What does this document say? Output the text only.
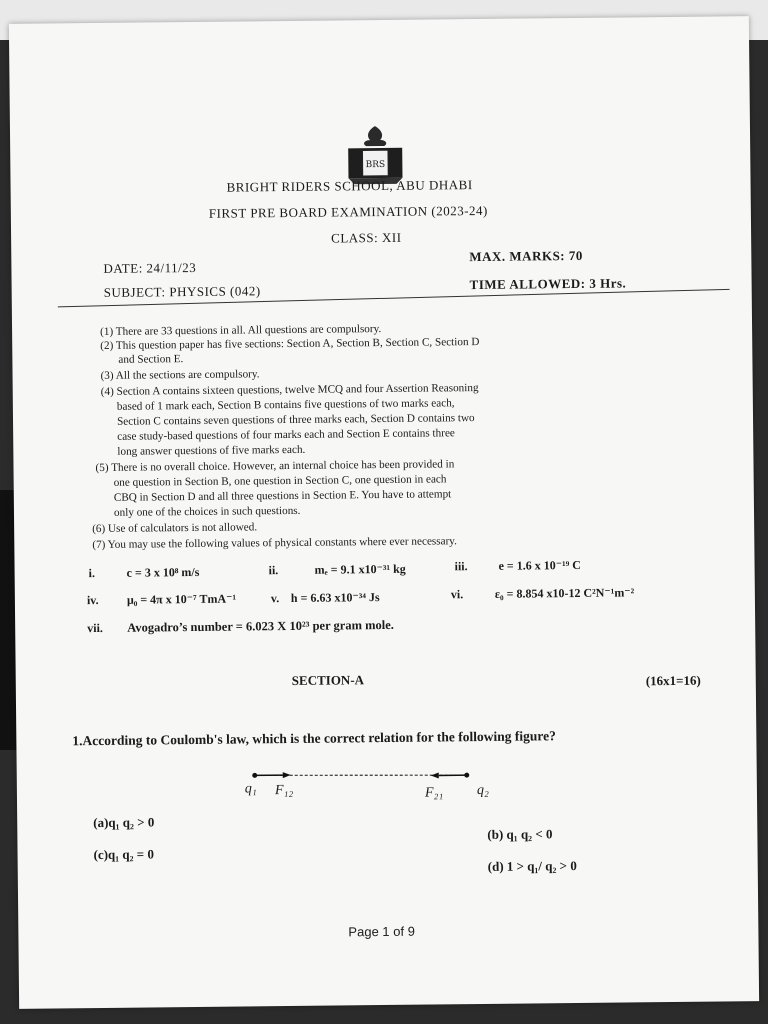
BRS
BRIGHT RIDERS SCHOOL, ABU DHABI
FIRST PRE BOARD EXAMINATION (2023-24)
CLASS: XII
DATE: 24/11/23
MAX. MARKS: 70
SUBJECT: PHYSICS (042)	TIME ALLOWED: 3 Hrs.
(1) There are 33 questions in all. All questions are compulsory.
(2) This question paper has five sections: Section A, Section B, Section C, Section D
and Section E.
(3) All the sections are compulsory.
(4) Section A contains sixteen questions, twelve MCQ and four Assertion Reasoning
based of 1 mark each, Section B contains five questions of two marks each,
Section C contains seven questions of three marks each, Section D contains two
case study-based questions of four marks each and Section E contains three
long answer questions of five marks each.
(5) There is no overall choice. However, an internal choice has been provided in
one question in Section B, one question in Section C, one question in each
CBQ in Section D and all three questions in Section E. You have to attempt
only one of the choices in such questions.
(6) Use of calculators is not allowed.
(7) You may use the following values of physical constants where ever necessary.
i.	c = 3 x 10⁸ m/s	ii.	mₑ = 9.1 x10⁻³¹ kg	iii.	e = 1.6 x 10⁻¹⁹ C
iv. μ₀ = 4π x 10⁻⁷ TmA⁻¹	v. h = 6.63 x10⁻³⁴ Js	vi.	ε₀ = 8.854 x10-12 C²N⁻¹m⁻²
vii. Avogadro’s number = 6.023 X 10²³ per gram mole.
SECTION-A	(16x1=16)
1.According to Coulomb's law, which is the correct relation for the following figure?
q₁ F₁₂	F₂₁ q₂
(a)q₁ q₂ > 0
(b) q₁ q₂ < 0
(c)q₁ q₂ = 0
(d) 1 > q₁/ q₂ > 0
Page 1 of 9
